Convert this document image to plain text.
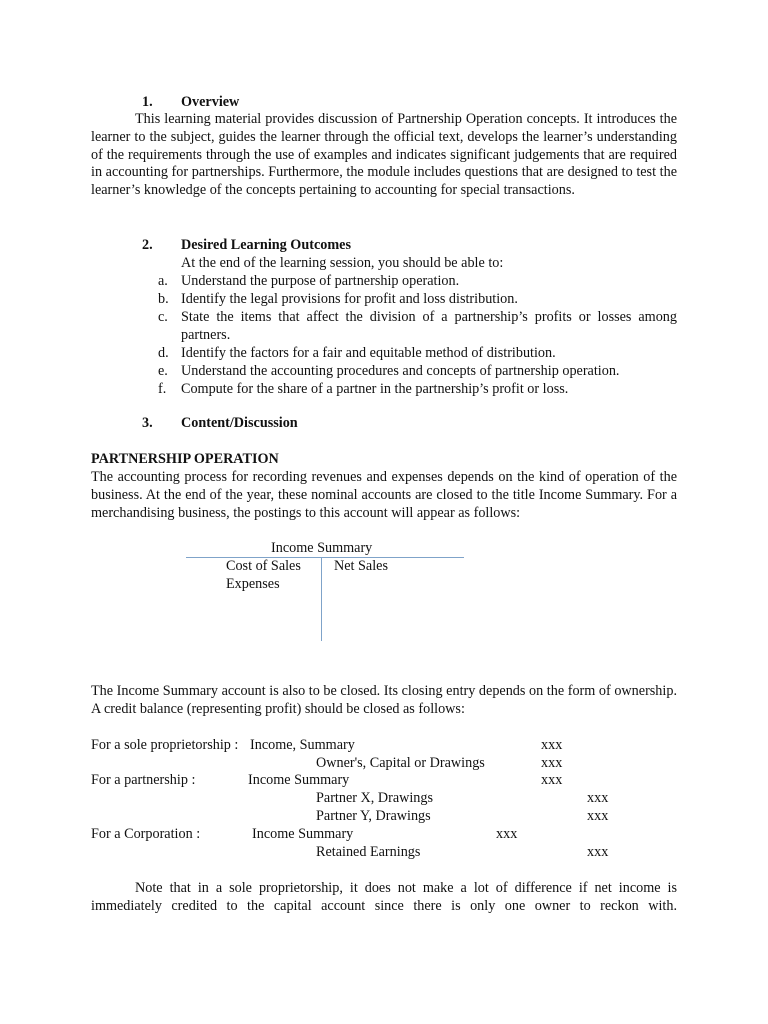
1. Overview
This learning material provides discussion of Partnership Operation concepts. It introduces the learner to the subject, guides the learner through the official text, develops the learner’s understanding of the requirements through the use of examples and indicates significant judgements that are required in accounting for partnerships. Furthermore, the module includes questions that are designed to test the learner’s knowledge of the concepts pertaining to accounting for special transactions.
2. Desired Learning Outcomes
At the end of the learning session, you should be able to:
a. Understand the purpose of partnership operation.
b. Identify the legal provisions for profit and loss distribution.
c. State the items that affect the division of a partnership’s profits or losses among partners.
d. Identify the factors for a fair and equitable method of distribution.
e. Understand the accounting procedures and concepts of partnership operation.
f. Compute for the share of a partner in the partnership’s profit or loss.
3. Content/Discussion
PARTNERSHIP OPERATION
The accounting process for recording revenues and expenses depends on the kind of operation of the business. At the end of the year, these nominal accounts are closed to the title Income Summary. For a merchandising business, the postings to this account will appear as follows:
Income Summary
Cost of Sales
Expenses
Net Sales
The Income Summary account is also to be closed. Its closing entry depends on the form of ownership. A credit balance (representing profit) should be closed as follows:
For a sole proprietorship : Income, Summary	xxx
Owner's, Capital or Drawings	xxx
For a partnership :	Income Summary	xxx
Partner X, Drawings	xxx
Partner Y, Drawings	xxx
For a Corporation :	Income Summary	xxx
Retained Earnings	xxx
Note that in a sole proprietorship, it does not make a lot of difference if net income is immediately credited to the capital account since there is only one owner to reckon with.
